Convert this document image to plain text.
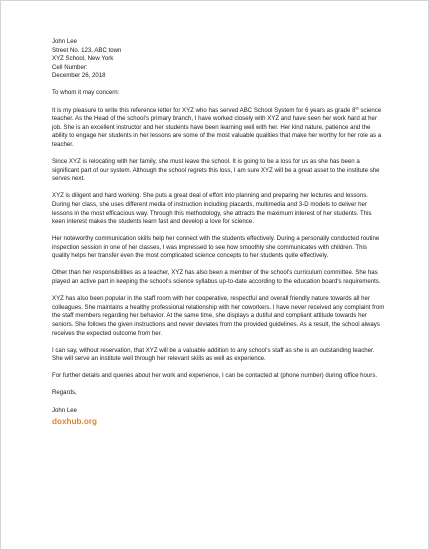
John Lee
Street No. 123, ABC town
XYZ School, New York
Cell Number:
December 26, 2018
To whom it may concern:
It is my pleasure to write this reference letter for XYZ who has served ABC School System for 6 years as grade 8th science teacher. As the Head of the school's primary branch, I have worked closely with XYZ and have seen her work hard at her job. She is an excellent instructor and her students have been learning well with her. Her kind nature, patience and the ability to engage her students in her lessons are some of the most valuable qualities that make her worthy for her role as a teacher.
Since XYZ is relocating with her family, she must leave the school. It is going to be a loss for us as she has been a significant part of our system. Although the school regrets this loss, I am sure XYZ will be a great asset to the institute she serves next.
XYZ is diligent and hard working. She puts a great deal of effort into planning and preparing her lectures and lessons. During her class, she uses different media of instruction including placards, multimedia and 3-D models to deliver her lessons in the most efficacious way. Through this methodology, she attracts the maximum interest of her students. This keen interest makes the students learn fast and develop a love for science.
Her noteworthy communication skills help her connect with the students effectively. During a personally conducted routine inspection session in one of her classes, I was impressed to see how smoothly she communicates with children. This quality helps her transfer even the most complicated science concepts to her students quite effectively.
Other than her responsibilities as a teacher, XYZ has also been a member of the school's curriculum committee. She has played an active part in keeping the school's science syllabus up-to-date according to the education board's requirements.
XYZ has also been popular in the staff room with her cooperative, respectful and overall friendly nature towards all her colleagues. She maintains a healthy professional relationship with her coworkers. I have never received any complaint from the staff members regarding her behavior. At the same time, she displays a dutiful and compliant attitude towards her seniors. She follows the given instructions and never deviates from the provided guidelines. As a result, the school always receives the expected outcome from her.
I can say, without reservation, that XYZ will be a valuable addition to any school's staff as she is an outstanding teacher. She will serve an institute well through her relevant skills as well as experience.
For further details and queries about her work and experience, I can be contacted at (phone number) during office hours.
Regards,
John Lee
doxhub.org
